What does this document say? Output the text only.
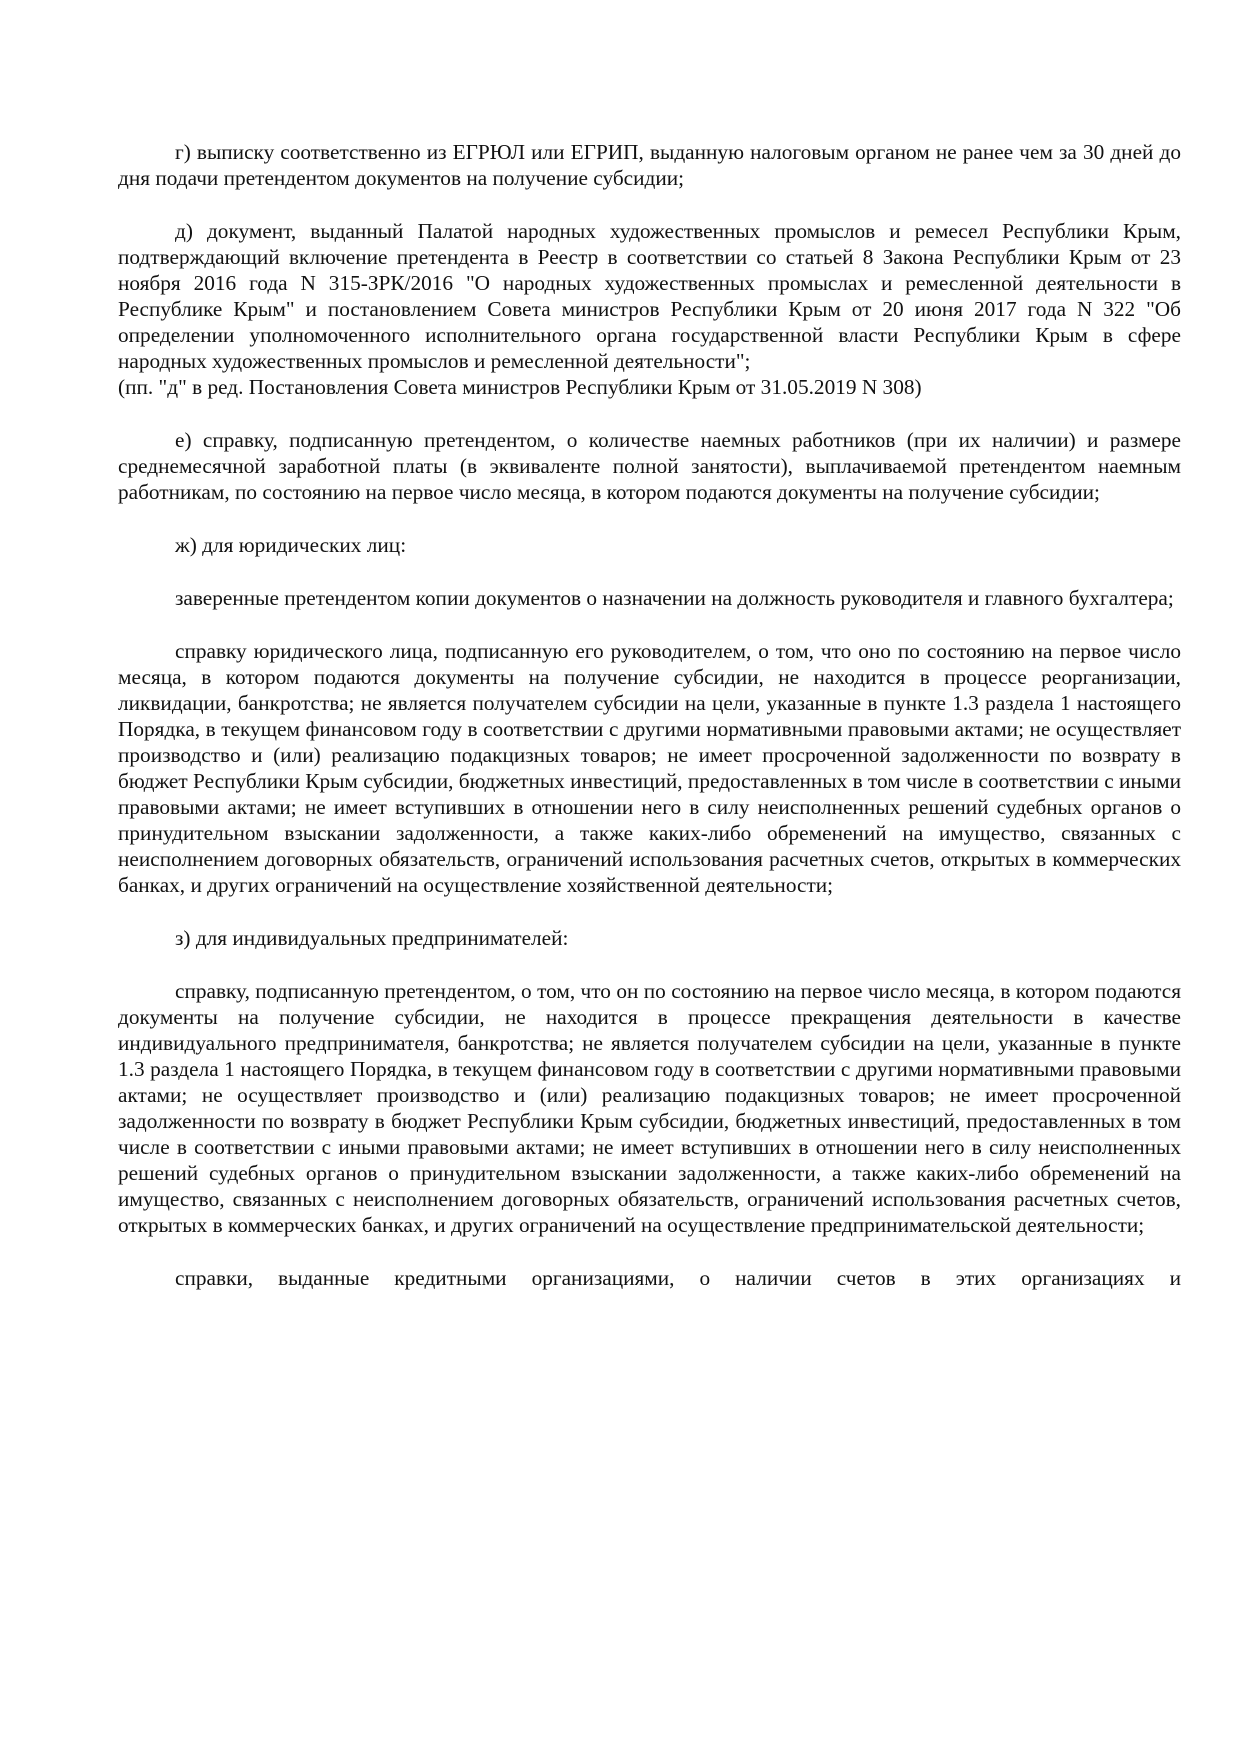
г) выписку соответственно из ЕГРЮЛ или ЕГРИП, выданную налоговым органом не ранее чем за 30 дней до дня подачи претендентом документов на получение субсидии;

д) документ, выданный Палатой народных художественных промыслов и ремесел Республики Крым, подтверждающий включение претендента в Реестр в соответствии со статьей 8 Закона Республики Крым от 23 ноября 2016 года N 315-ЗРК/2016 "О народных художественных промыслах и ремесленной деятельности в Республике Крым" и постановлением Совета министров Республики Крым от 20 июня 2017 года N 322 "Об определении уполномоченного исполнительного органа государственной власти Республики Крым в сфере народных художественных промыслов и ремесленной деятельности";

(пп. "д" в ред. Постановления Совета министров Республики Крым от 31.05.2019 N 308)

е) справку, подписанную претендентом, о количестве наемных работников (при их наличии) и размере среднемесячной заработной платы (в эквиваленте полной занятости), выплачиваемой претендентом наемным работникам, по состоянию на первое число месяца, в котором подаются документы на получение субсидии;

ж) для юридических лиц:

заверенные претендентом копии документов о назначении на должность руководителя и главного бухгалтера;

справку юридического лица, подписанную его руководителем, о том, что оно по состоянию на первое число месяца, в котором подаются документы на получение субсидии, не находится в процессе реорганизации, ликвидации, банкротства; не является получателем субсидии на цели, указанные в пункте 1.3 раздела 1 настоящего Порядка, в текущем финансовом году в соответствии с другими нормативными правовыми актами; не осуществляет производство и (или) реализацию подакцизных товаров; не имеет просроченной задолженности по возврату в бюджет Республики Крым субсидии, бюджетных инвестиций, предоставленных в том числе в соответствии с иными правовыми актами; не имеет вступивших в отношении него в силу неисполненных решений судебных органов о принудительном взыскании задолженности, а также каких-либо обременений на имущество, связанных с неисполнением договорных обязательств, ограничений использования расчетных счетов, открытых в коммерческих банках, и других ограничений на осуществление хозяйственной деятельности;

з) для индивидуальных предпринимателей:

справку, подписанную претендентом, о том, что он по состоянию на первое число месяца, в котором подаются документы на получение субсидии, не находится в процессе прекращения деятельности в качестве индивидуального предпринимателя, банкротства; не является получателем субсидии на цели, указанные в пункте 1.3 раздела 1 настоящего Порядка, в текущем финансовом году в соответствии с другими нормативными правовыми актами; не осуществляет производство и (или) реализацию подакцизных товаров; не имеет просроченной задолженности по возврату в бюджет Республики Крым субсидии, бюджетных инвестиций, предоставленных в том числе в соответствии с иными правовыми актами; не имеет вступивших в отношении него в силу неисполненных решений судебных органов о принудительном взыскании задолженности, а также каких-либо обременений на имущество, связанных с неисполнением договорных обязательств, ограничений использования расчетных счетов, открытых в коммерческих банках, и других ограничений на осуществление предпринимательской деятельности;

справки, выданные кредитными организациями, о наличии счетов в этих организациях и
